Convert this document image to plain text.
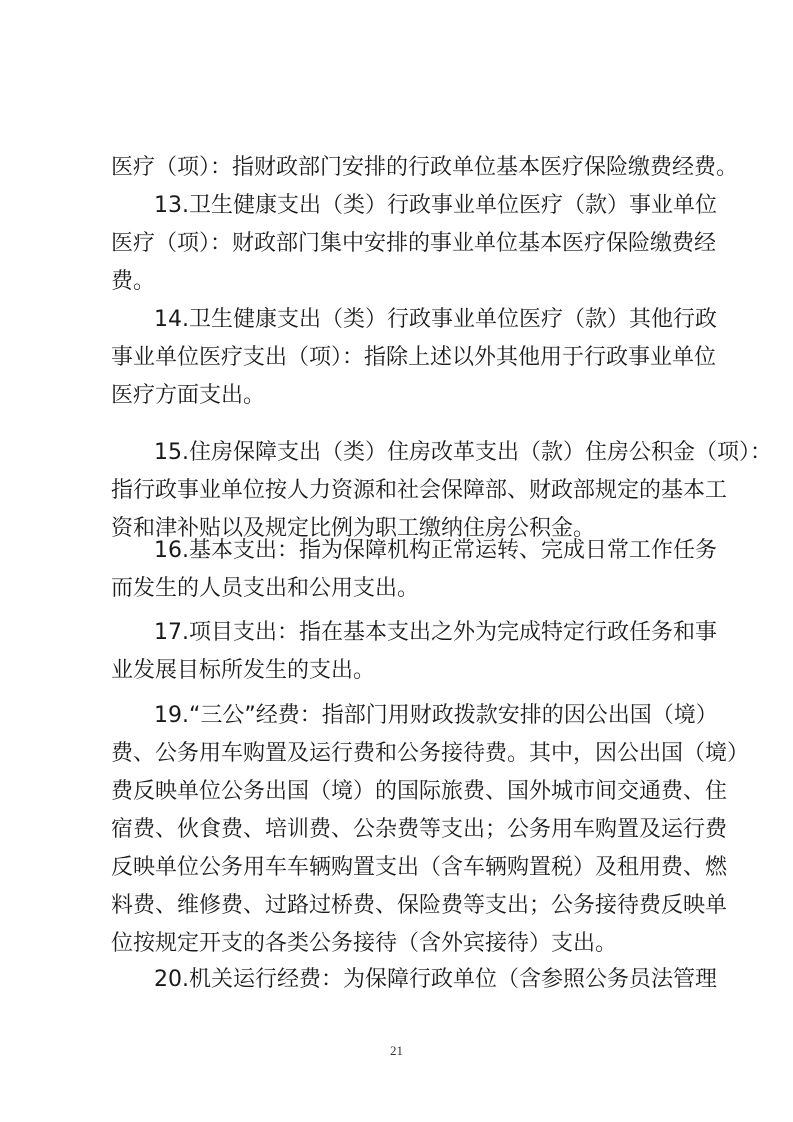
医疗（项）：指财政部门安排的行政单位基本医疗保险缴费经费。
13.卫生健康支出（类）行政事业单位医疗（款）事业单位
医疗（项）：财政部门集中安排的事业单位基本医疗保险缴费经
费。
14.卫生健康支出（类）行政事业单位医疗（款）其他行政
事业单位医疗支出（项）：指除上述以外其他用于行政事业单位
医疗方面支出。
15.住房保障支出（类）住房改革支出（款）住房公积金（项）：
指行政事业单位按人力资源和社会保障部、财政部规定的基本工
资和津补贴以及规定比例为职工缴纳住房公积金。
16.基本支出：指为保障机构正常运转、完成日常工作任务
而发生的人员支出和公用支出。
17.项目支出：指在基本支出之外为完成特定行政任务和事
业发展目标所发生的支出。
19.“三公”经费：指部门用财政拨款安排的因公出国（境）
费、公务用车购置及运行费和公务接待费。其中，因公出国（境）
费反映单位公务出国（境）的国际旅费、国外城市间交通费、住
宿费、伙食费、培训费、公杂费等支出；公务用车购置及运行费
反映单位公务用车车辆购置支出（含车辆购置税）及租用费、燃
料费、维修费、过路过桥费、保险费等支出；公务接待费反映单
位按规定开支的各类公务接待（含外宾接待）支出。
20.机关运行经费：为保障行政单位（含参照公务员法管理
21
